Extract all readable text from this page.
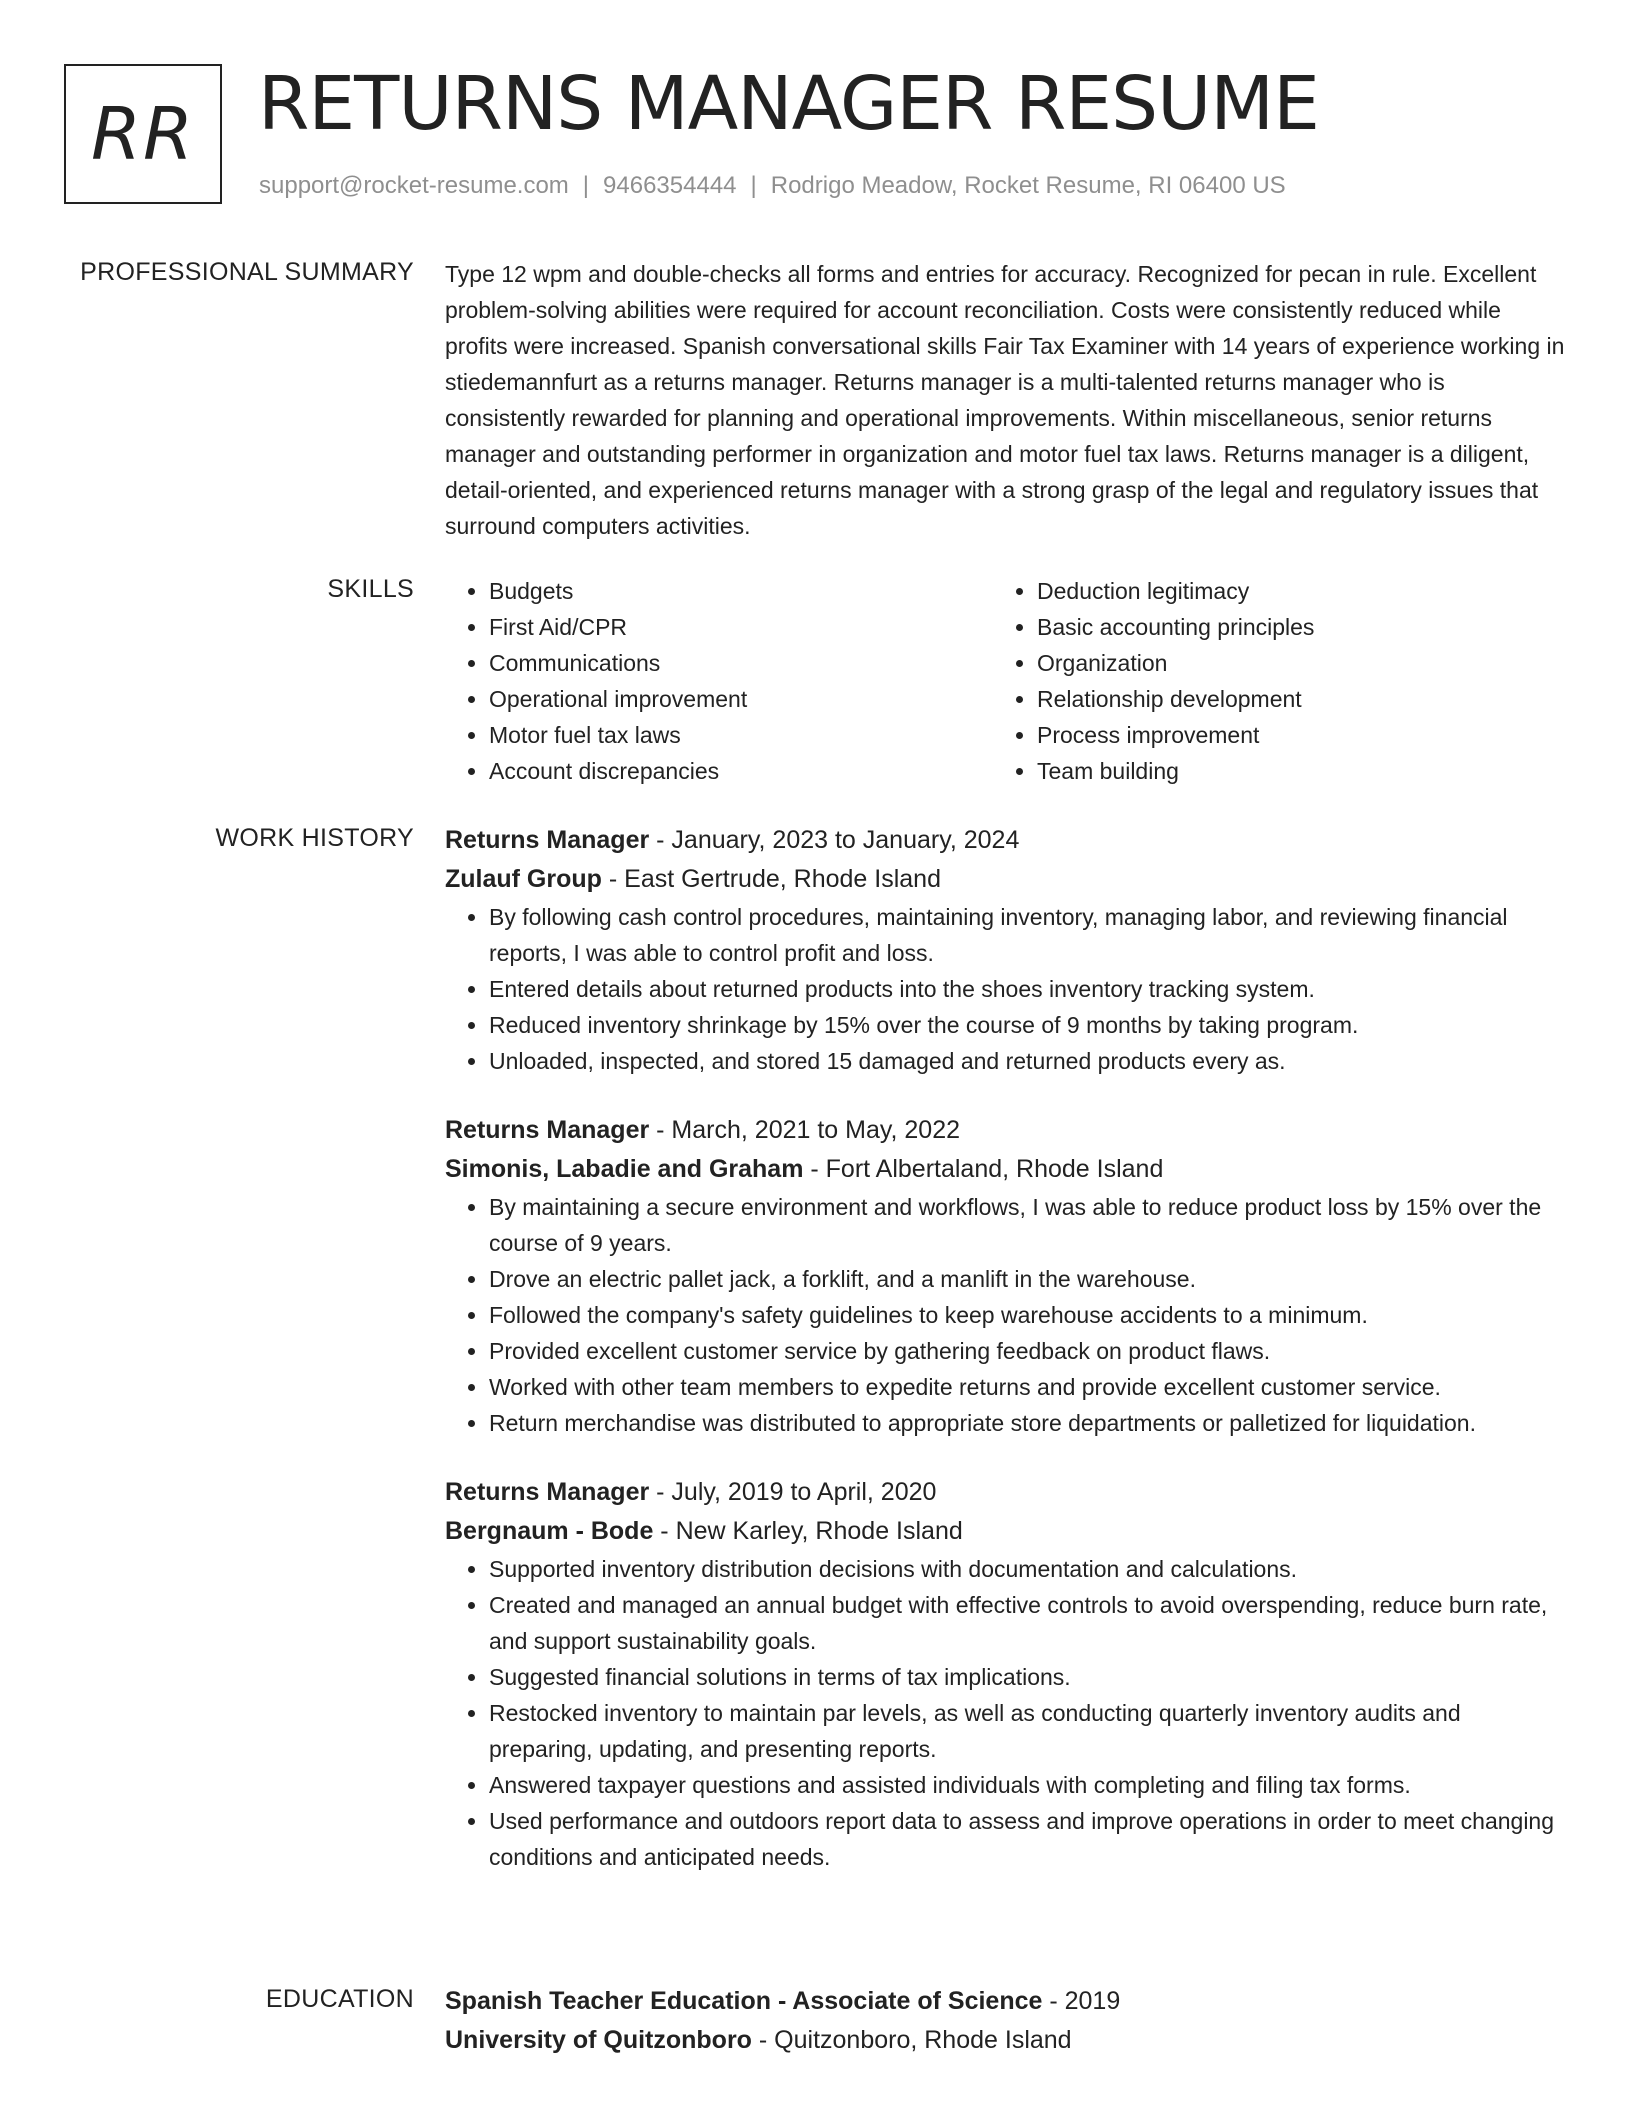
RR RETURNS MANAGER RESUME
support@rocket-resume.com | 9466354444 | Rodrigo Meadow, Rocket Resume, RI 06400 US
PROFESSIONAL SUMMARY Type 12 wpm and double-checks all forms and entries for accuracy. Recognized for pecan in rule. Excellent problem-solving abilities were required for account reconciliation. Costs were consistently reduced while profits were increased. Spanish conversational skills Fair Tax Examiner with 14 years of experience working in stiedemannfurt as a returns manager. Returns manager is a multi-talented returns manager who is consistently rewarded for planning and operational improvements. Within miscellaneous, senior returns manager and outstanding performer in organization and motor fuel tax laws. Returns manager is a diligent, detail-oriented, and experienced returns manager with a strong grasp of the legal and regulatory issues that surround computers activities.

SKILLS
•	Budgets
• First Aid/CPR
• Communications
• Operational improvement
• Motor fuel tax laws
• Account discrepancies
• Deduction legitimacy
• Basic accounting principles
• Organization
• Relationship development
• Process improvement
• Team building
WORK HISTORY Returns Manager - January, 2023 to January, 2024
Zulauf Group - East Gertrude, Rhode Island
• By following cash control procedures, maintaining inventory, managing labor, and reviewing financial reports, I was able to control profit and loss.
• Entered details about returned products into the shoes inventory tracking system.
• Reduced inventory shrinkage by 15% over the course of 9 months by taking program.
• Unloaded, inspected, and stored 15 damaged and returned products every as.
Returns Manager - March, 2021 to May, 2022
Simonis, Labadie and Graham - Fort Albertaland, Rhode Island
• By maintaining a secure environment and workflows, I was able to reduce product loss by 15% over the course of 9 years.
• Drove an electric pallet jack, a forklift, and a manlift in the warehouse.
• Followed the company's safety guidelines to keep warehouse accidents to a minimum.
• Provided excellent customer service by gathering feedback on product flaws.
• Worked with other team members to expedite returns and provide excellent customer service.
• Return merchandise was distributed to appropriate store departments or palletized for liquidation.
Returns Manager - July, 2019 to April, 2020
Bergnaum - Bode - New Karley, Rhode Island
• Supported inventory distribution decisions with documentation and calculations.
• Created and managed an annual budget with effective controls to avoid overspending, reduce burn rate, and support sustainability goals.
• Suggested financial solutions in terms of tax implications.
• Restocked inventory to maintain par levels, as well as conducting quarterly inventory audits and preparing, updating, and presenting reports.
• Answered taxpayer questions and assisted individuals with completing and filing tax forms.
• Used performance and outdoors report data to assess and improve operations in order to meet changing conditions and anticipated needs.
EDUCATION Spanish Teacher Education - Associate of Science - 2019
University of Quitzonboro - Quitzonboro, Rhode Island
